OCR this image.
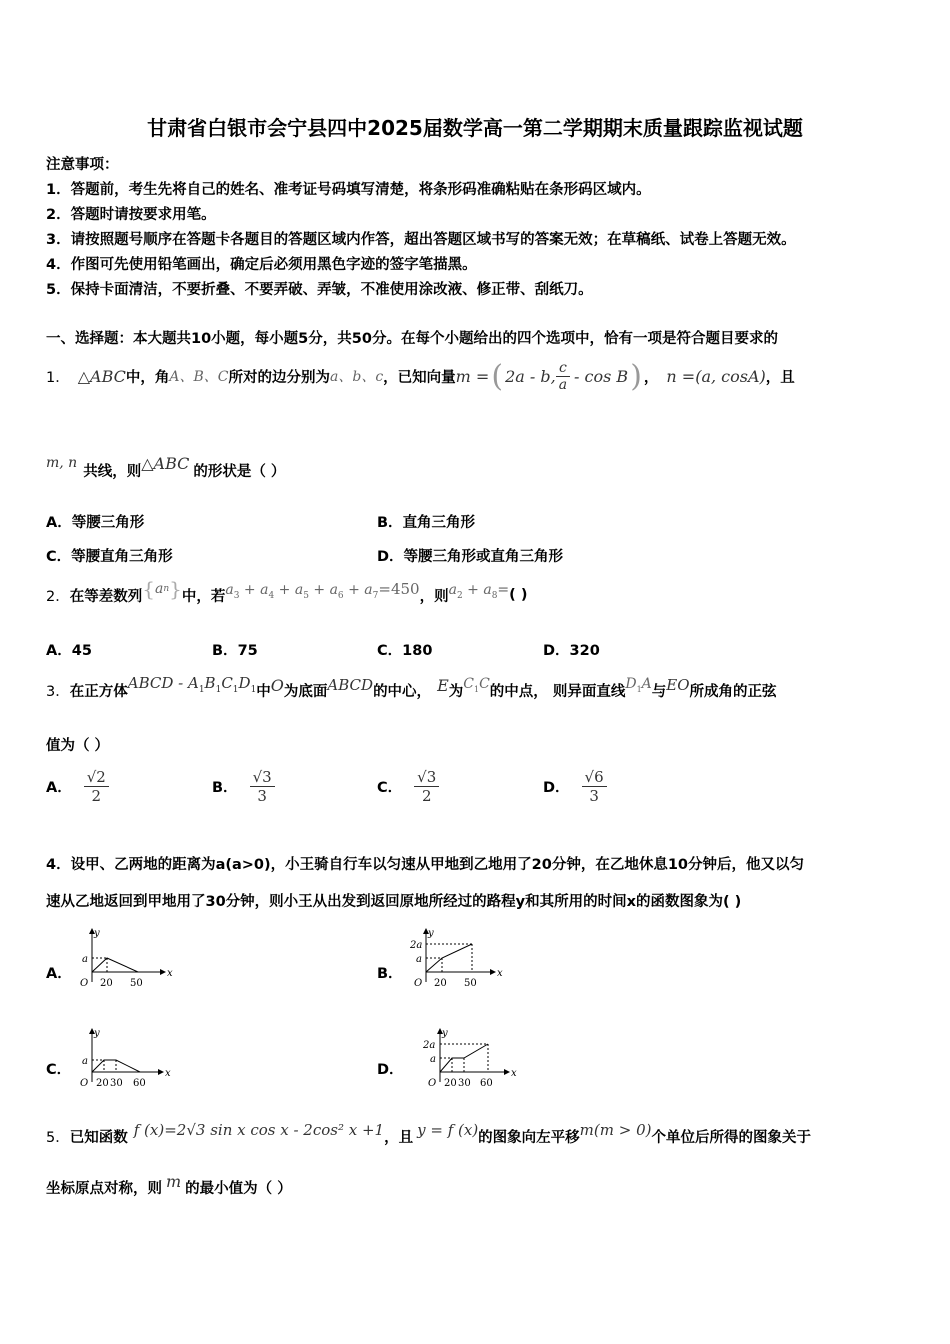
甘肃省白银市会宁县四中2025届数学高一第二学期期末质量跟踪监视试题
注意事项：
1．答题前，考生先将自己的姓名、准考证号码填写清楚，将条形码准确粘贴在条形码区域内。
2．答题时请按要求用笔。
3．请按照题号顺序在答题卡各题目的答题区域内作答，超出答题区域书写的答案无效；在草稿纸、试卷上答题无效。
4．作图可先使用铅笔画出，确定后必须用黑色字迹的签字笔描黑。
5．保持卡面清洁，不要折叠、不要弄破、弄皱，不准使用涂改液、修正带、刮纸刀。
一、选择题：本大题共10小题，每小题5分，共50分。在每个小题给出的四个选项中，恰有一项是符合题目要求的
1． △ABC 中，角 A、B、C 所对的边分别为 a、b、c ，已知向量 m = ( 2a - b, $\frac{c}{a}$ - cos B ) ， n =(a, cosA) ，且
m, n
共线，则 △ABC 的形状是（ ）
A．等腰三角形	B．直角三角形
C．等腰直角三角形	D．等腰三角形或直角三角形
2． 在等差数列 { a n } 中，若 $a_3 + a_4 + a_5 + a_6 + a_7=450$ ，则 $a_2 + a_8=$ ( )
A．45	B．75	C．180	D．320
3． 在正方体 ABCD - $A_1B_1C_1D_1$ 中 O 为底面 ABCD 的中心， E 为 $C_1C$ 的中点， 则异面直线 $D_1A$ 与 EO 所成角的正弦
值为（ ）
A． $\frac{√2}{2}$	B． $\frac{√3}{3}$	C． $\frac{√3}{2}$	D． $\frac{√6}{3}$
4．设甲、乙两地的距离为a(a>0)，小王骑自行车以匀速从甲地到乙地用了20分钟，在乙地休息10分钟后，他又以匀
速从乙地返回到甲地用了30分钟，则小王从出发到返回原地所经过的路程y和其所用的时间x的函数图象为( )
A．
y
x
O
a
20 50
B．
y
x
O
a
2a
20 50
C．
y
x
O
a
20 30 60
D．
y
x
O
a
2a
20 30 60
5． 已知函数 f (x)=2√3 sin x cos x - 2cos² x +1 ，且 y = f (x) 的图象向左平移 m(m > 0) 个单位后所得的图象关于
坐标原点对称，则 m 的最小值为（ ）
